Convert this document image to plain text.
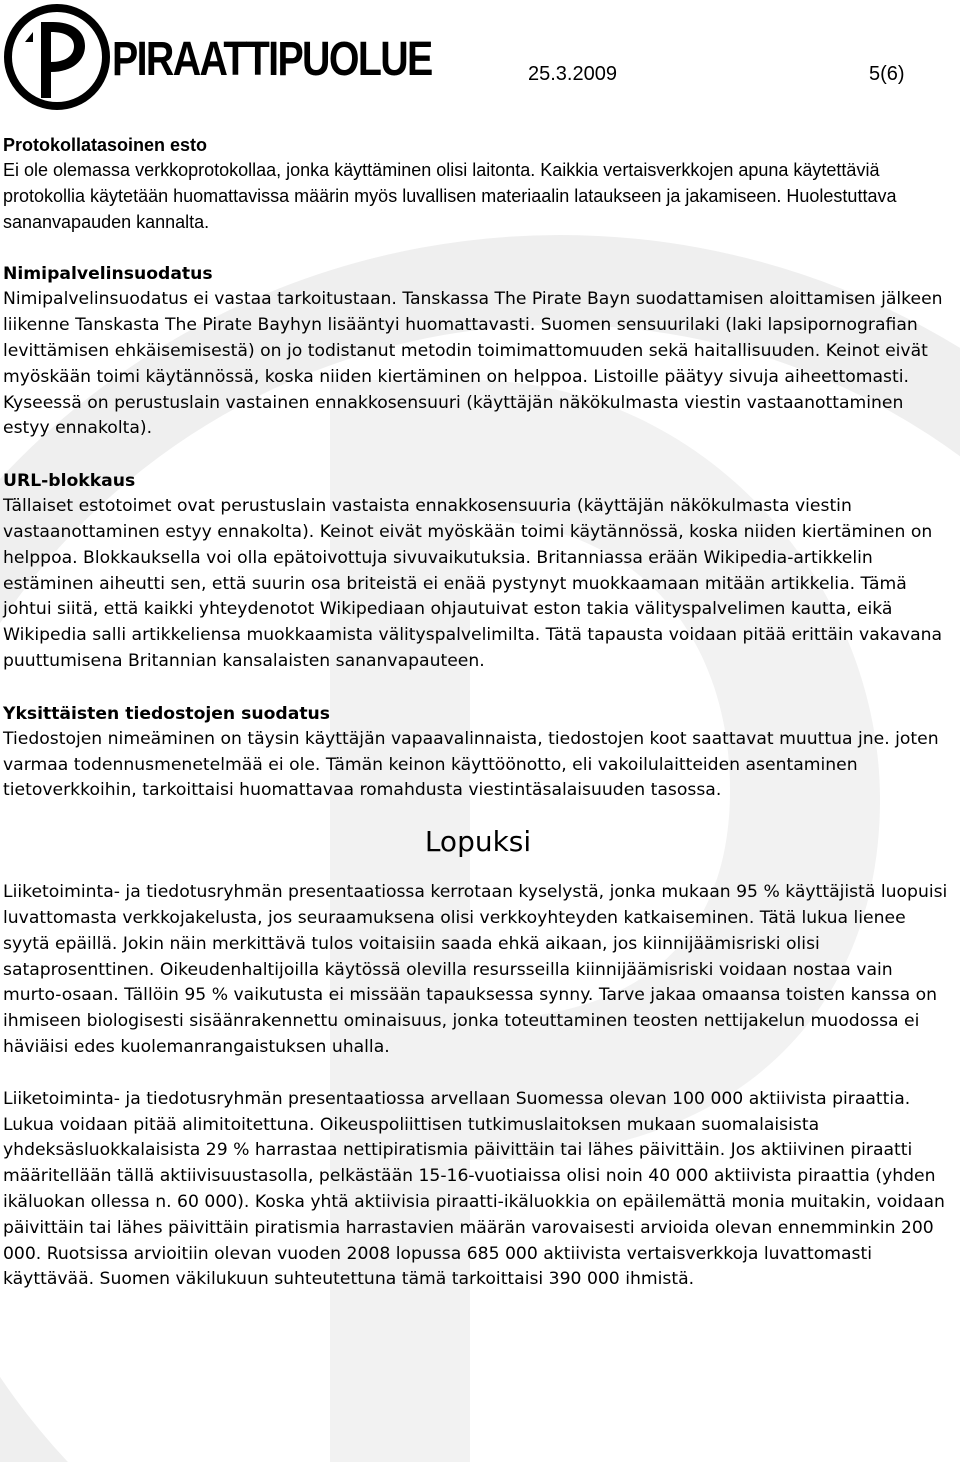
PIRAATTIPUOLUE	25.3.2009	5(6)

Protokollatasoinen esto

Ei ole olemassa verkkoprotokollaa, jonka käyttäminen olisi laitonta. Kaikkia vertaisverkkojen apuna käytettäviä protokollia käytetään huomattavissa määrin myös luvallisen materiaalin lataukseen ja jakamiseen. Huolestuttava sananvapauden kannalta.

Nimipalvelinsuodatus

Nimipalvelinsuodatus ei vastaa tarkoitustaan. Tanskassa The Pirate Bayn suodattamisen aloittamisen jälkeen liikenne Tanskasta The Pirate Bayhyn lisääntyi huomattavasti. Suomen sensuurilaki (laki lapsipornografian levittämisen ehkäisemisestä) on jo todistanut metodin toimimattomuuden sekä haitallisuuden. Keinot eivät myöskään toimi käytännössä, koska niiden kiertäminen on helppoa. Listoille päätyy sivuja aiheettomasti. Kyseessä on perustuslain vastainen ennakkosensuuri (käyttäjän näkökulmasta viestin vastaanottaminen estyy ennakolta).

URL-blokkaus

Tällaiset estotoimet ovat perustuslain vastaista ennakkosensuuria (käyttäjän näkökulmasta viestin vastaanottaminen estyy ennakolta). Keinot eivät myöskään toimi käytännössä, koska niiden kiertäminen on helppoa. Blokkauksella voi olla epätoivottuja sivuvaikutuksia. Britanniassa erään Wikipedia-artikkelin estäminen aiheutti sen, että suurin osa briteistä ei enää pystynyt muokkaamaan mitään artikkelia. Tämä johtui siitä, että kaikki yhteydenotot Wikipediaan ohjautuivat eston takia välityspalvelimen kautta, eikä Wikipedia salli artikkeliensa muokkaamista välityspalvelimilta. Tätä tapausta voidaan pitää erittäin vakavana puuttumisena Britannian kansalaisten sananvapauteen.

Yksittäisten tiedostojen suodatus

Tiedostojen nimeäminen on täysin käyttäjän vapaavalinnaista, tiedostojen koot saattavat muuttua jne. joten varmaa todennusmenetelmää ei ole. Tämän keinon käyttöönotto, eli vakoilulaitteiden asentaminen tietoverkkoihin, tarkoittaisi huomattavaa romahdusta viestintäsalaisuuden tasossa.

Lopuksi

Liiketoiminta- ja tiedotusryhmän presentaatiossa kerrotaan kyselystä, jonka mukaan 95 % käyttäjistä luopuisi luvattomasta verkkojakelusta, jos seuraamuksena olisi verkkoyhteyden katkaiseminen. Tätä lukua lienee syytä epäillä. Jokin näin merkittävä tulos voitaisiin saada ehkä aikaan, jos kiinnijäämisriski olisi sataprosenttinen. Oikeudenhaltijoilla käytössä olevilla resursseilla kiinnijäämisriski voidaan nostaa vain murto-osaan. Tällöin 95 % vaikutusta ei missään tapauksessa synny. Tarve jakaa omaansa toisten kanssa on ihmiseen biologisesti sisäänrakennettu ominaisuus, jonka toteuttaminen teosten nettijakelun muodossa ei häviäisi edes kuolemanrangaistuksen uhalla.

Liiketoiminta- ja tiedotusryhmän presentaatiossa arvellaan Suomessa olevan 100 000 aktiivista piraattia. Lukua voidaan pitää alimitoitettuna. Oikeuspoliittisen tutkimuslaitoksen mukaan suomalaisista yhdeksäsluokkalaisista 29 % harrastaa nettipiratismia päivittäin tai lähes päivittäin. Jos aktiivinen piraatti määritellään tällä aktiivisuustasolla, pelkästään 15-16-vuotiaissa olisi noin 40 000 aktiivista piraattia (yhden ikäluokan ollessa n. 60 000). Koska yhtä aktiivisia piraatti-ikäluokkia on epäilemättä monia muitakin, voidaan päivittäin tai lähes päivittäin piratismia harrastavien määrän varovaisesti arvioida olevan ennemminkin 200 000. Ruotsissa arvioitiin olevan vuoden 2008 lopussa 685 000 aktiivista vertaisverkkoja luvattomasti käyttävää. Suomen väkilukuun suhteutettuna tämä tarkoittaisi 390 000 ihmistä.
